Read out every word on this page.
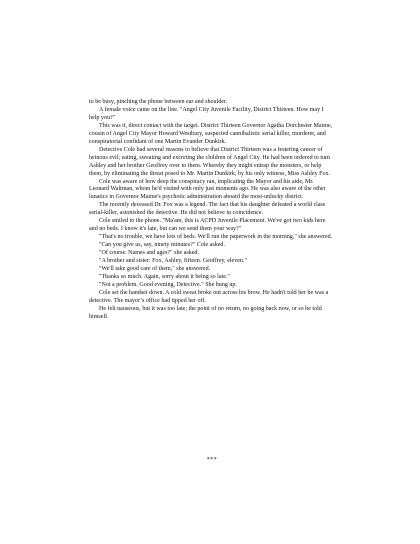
to be busy, pinching the phone between ear and shoulder.

A female voice came on the line. "Angel City Juvenile Facility, District Thirteen. How may I help you?"

This was it, direct contact with the target. District Thirteen Governor Agatha Dorchester Maime, cousin of Angel City Mayor Howard Westbury, suspected cannibalistic serial killer, murderer, and conspiratorial confidant of one Martin Evander Dunkirk.

Detective Cole had several reasons to believe that District Thirteen was a festering cancer of heinous evil; eating, sweating and excreting the children of Angel City. He had been ordered to turn Ashley and her brother Geoffrey over to them. Whereby they might entrap the monsters, or help them, by eliminating the threat posed to Mr. Martin Dunkirk, by his only witness, Miss Ashley Fox.

Cole was aware of how deep the conspiracy ran, implicating the Mayor and his aide, Mr. Leonard Waltman, whom he'd visited with only just moments ago. He was also aware of the other lunatics in Governor Maime's psychotic administration aboard the most-unlucky district.

The recently deceased Dr. Fox was a legend. The fact that his daughter defeated a world class serial-killer, astonished the detective. He did not believe in coincidence.

Cole smiled to the phone. "Ma'am, this is ACPD Juvenile Placement. We've got two kids here and no beds. I know it's late, but can we send them your way?"

"That's no trouble, we have lots of beds. We'll run the paperwork in the morning," she answered.

"Can you give us, say, ninety minutes?" Cole asked.

"Of course. Names and ages?" she asked.

"A brother and sister: Fox, Ashley, fifteen. Geoffrey, eleven."

"We'll take good care of them," she answered.

"Thanks so much. Again, sorry about it being so late."

"Not a problem. Good evening, Detective." She hung up.

Cole set the handset down. A cold sweat broke out across his brow. He hadn't told her he was a detective. The mayor’s office had tipped her off.

He felt nauseous, but it was too late; the point of no return, no going back now, or so he told himself.

***
